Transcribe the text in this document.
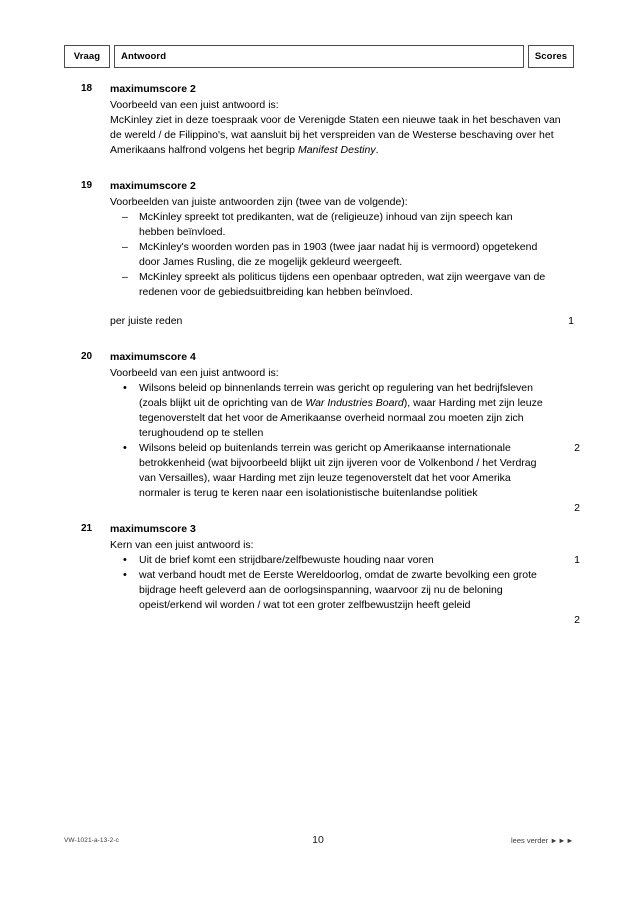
Vraag Antwoord	Scores
18	maximumscore 2
Voorbeeld van een juist antwoord is:
McKinley ziet in deze toespraak voor de Verenigde Staten een nieuwe taak in het beschaven van de wereld / de Filippino's, wat aansluit bij het verspreiden van de Westerse beschaving over het Amerikaans halfrond volgens het begrip Manifest Destiny.
19	maximumscore 2
Voorbeelden van juiste antwoorden zijn (twee van de volgende):
–	McKinley spreekt tot predikanten, wat de (religieuze) inhoud van zijn speech kan hebben beïnvloed.
–	McKinley's woorden worden pas in 1903 (twee jaar nadat hij is vermoord) opgetekend door James Rusling, die ze mogelijk gekleurd weergeeft.
–	McKinley spreekt als politicus tijdens een openbaar optreden, wat zijn weergave van de redenen voor de gebiedsuitbreiding kan hebben beïnvloed.
per juiste reden	1
20	maximumscore 4
Voorbeeld van een juist antwoord is:
•	Wilsons beleid op binnenlands terrein was gericht op regulering van het bedrijfsleven (zoals blijkt uit de oprichting van de War Industries Board), waar Harding met zijn leuze tegenoverstelt dat het voor de Amerikaanse overheid normaal zou moeten zijn zich terughoudend op te stellen
2
•	Wilsons beleid op buitenlands terrein was gericht op Amerikaanse internationale betrokkenheid (wat bijvoorbeeld blijkt uit zijn ijveren voor de Volkenbond / het Verdrag van Versailles), waar Harding met zijn leuze tegenoverstelt dat het voor Amerika normaler is terug te keren naar een isolationistische buitenlandse politiek
2
21	maximumscore 3
Kern van een juist antwoord is:
•	Uit de brief komt een strijdbare/zelfbewuste houding naar voren	1
•	wat verband houdt met de Eerste Wereldoorlog, omdat de zwarte bevolking een grote bijdrage heeft geleverd aan de oorlogsinspanning, waarvoor zij nu de beloning opeist/erkend wil worden / wat tot een groter zelfbewustzijn heeft geleid
2
VW-1021-a-13-2-c	10	lees verder ►►►
